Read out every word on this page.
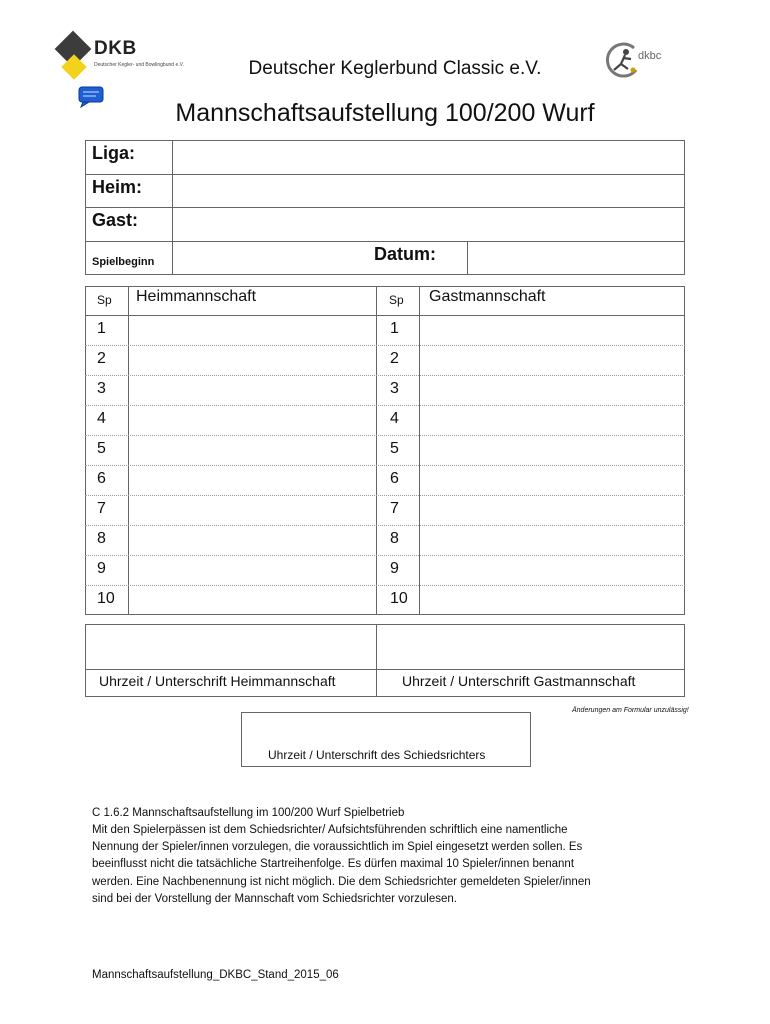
DKB
Deutscher Kegler- und Bowlingbund e.V.
dkbc
Deutscher Keglerbund Classic e.V.
Mannschaftsaufstellung 100/200 Wurf
Liga:
Heim:
Gast:
Spielbeginn	Datum:
Sp Heimmannschaft	Sp Gastmannschaft
1	1
2	2
3	3
4	4
5	5
6	6
7	7
8	8
9	9
10	10
Uhrzeit / Unterschrift Heimmannschaft	Uhrzeit / Unterschrift Gastmannschaft
Änderungen am Formular unzulässig!
Uhrzeit / Unterschrift des Schiedsrichters
C 1.6.2 Mannschaftsaufstellung im 100/200 Wurf Spielbetrieb
Mit den Spielerpässen ist dem Schiedsrichter/ Aufsichtsführenden schriftlich eine namentliche
Nennung der Spieler/innen vorzulegen, die voraussichtlich im Spiel eingesetzt werden sollen. Es
beeinflusst nicht die tatsächliche Startreihenfolge. Es dürfen maximal 10 Spieler/innen benannt
werden. Eine Nachbenennung ist nicht möglich. Die dem Schiedsrichter gemeldeten Spieler/innen
sind bei der Vorstellung der Mannschaft vom Schiedsrichter vorzulesen.
Mannschaftsaufstellung_DKBC_Stand_2015_06
